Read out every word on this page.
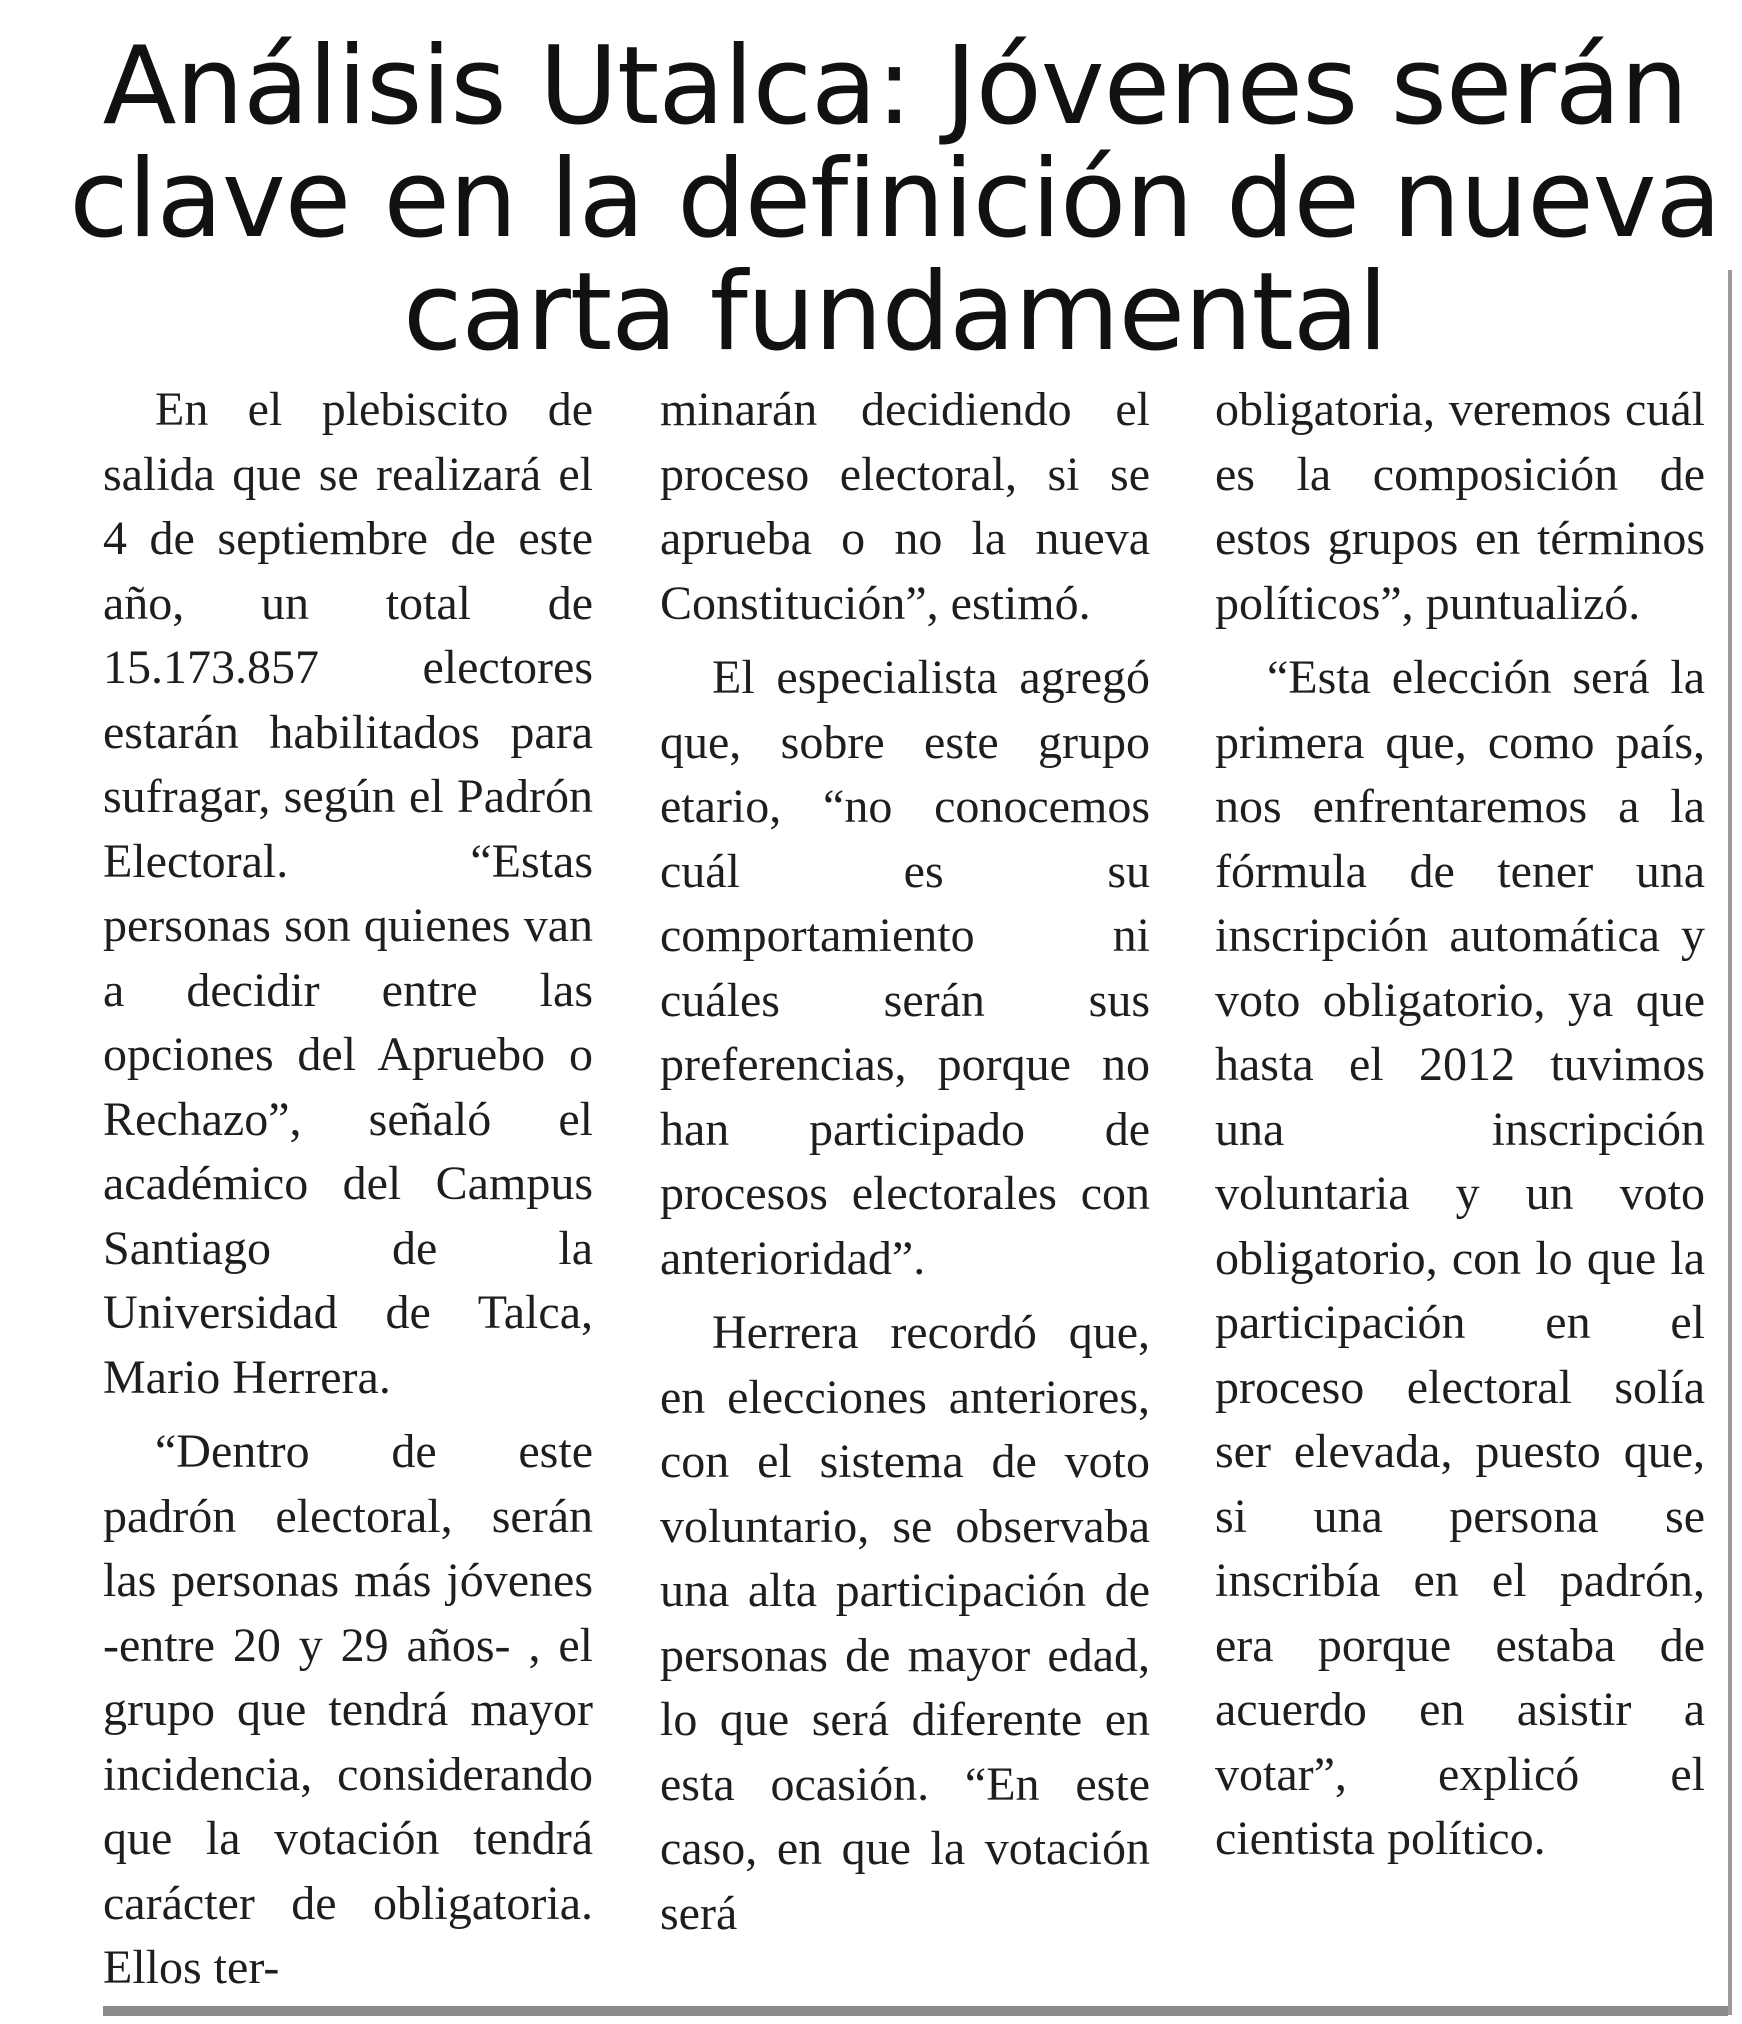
Análisis Utalca: Jóvenes serán
clave en la definición de nueva
carta fundamental

En el plebiscito de salida que se realizará el 4 de septiembre de este año, un total de 15.173.857 electores estarán habilitados para sufragar, según el Padrón Electoral. “Estas personas son quienes van a decidir entre las opciones del Apruebo o Rechazo”, señaló el académico del Campus Santiago de la Universidad de Talca, Mario Herrera.

“Dentro de este padrón electoral, serán las personas más jóvenes -entre 20 y 29 años- , el grupo que tendrá mayor incidencia, considerando que la votación tendrá carácter de obligatoria. Ellos ter-

minarán decidiendo el proceso electoral, si se aprueba o no la nueva Constitución”, estimó.

El especialista agregó que, sobre este grupo etario, “no conocemos cuál es su comportamiento ni cuáles serán sus preferencias, porque no han participado de procesos electorales con anterioridad”.

Herrera recordó que, en elecciones anteriores, con el sistema de voto voluntario, se observaba una alta participación de personas de mayor edad, lo que será diferente en esta ocasión. “En este caso, en que la votación será

obligatoria, veremos cuál es la composición de estos grupos en términos políticos”, puntualizó.

“Esta elección será la primera que, como país, nos enfrentaremos a la fórmula de tener una inscripción automática y voto obligatorio, ya que hasta el 2012 tuvimos una inscripción voluntaria y un voto obligatorio, con lo que la participación en el proceso electoral solía ser elevada, puesto que, si una persona se inscribía en el padrón, era porque estaba de acuerdo en asistir a votar”, explicó el cientista político.
